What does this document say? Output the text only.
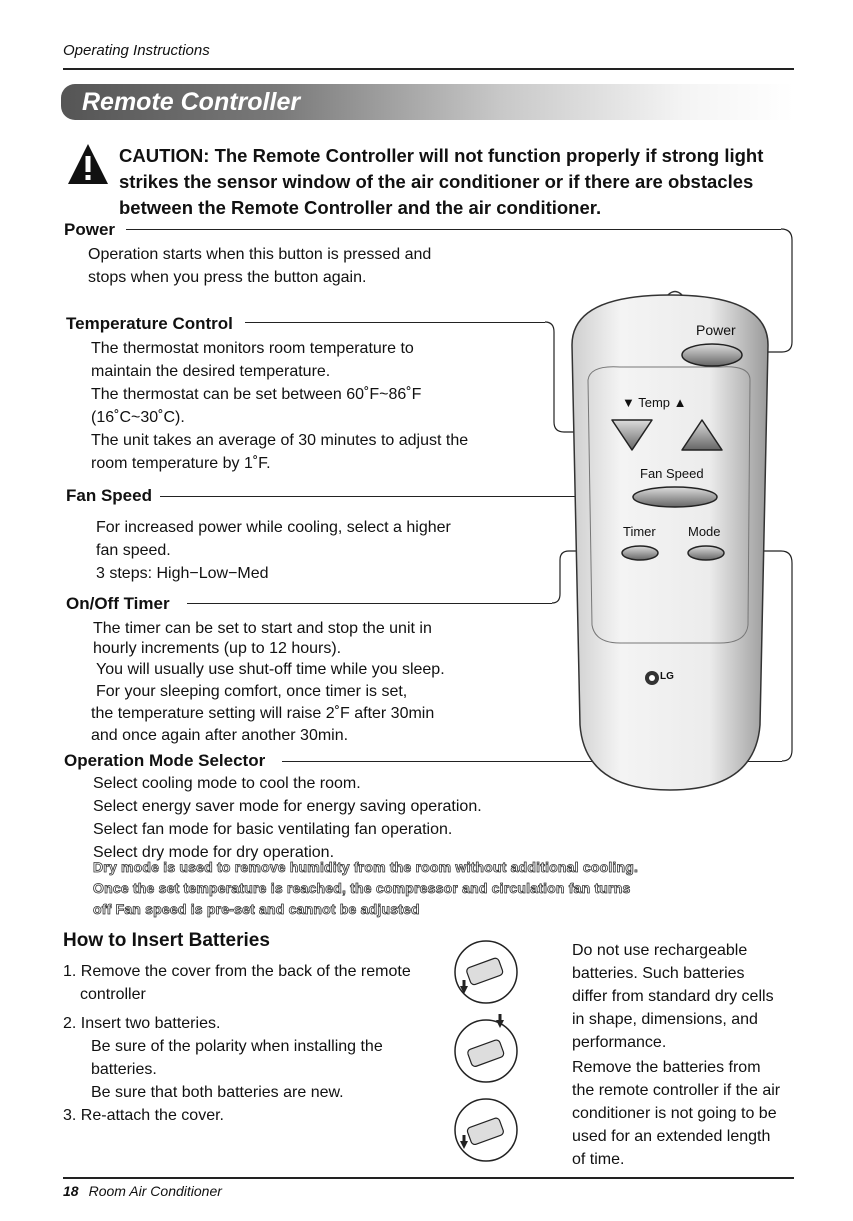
Operating Instructions
Remote Controller
CAUTION: The Remote Controller will not function properly if strong light strikes the sensor window of the air conditioner or if there are obstacles between the Remote Controller and the air conditioner.
Power
Operation starts when this button is pressed and
stops when you press the button again.
Temperature Control
The thermostat monitors room temperature to
maintain the desired temperature.
The thermostat can be set between 60˚F~86˚F
(16˚C~30˚C).
The unit takes an average of 30 minutes to adjust the
room temperature by 1˚F.
Fan Speed
For increased power while cooling, select a higher
fan speed.
3 steps: High−Low−Med
On/Off Timer
The timer can be set to start and stop the unit in
hourly increments (up to 12 hours).
You will usually use shut-off time while you sleep.
For your sleeping comfort, once timer is set,
the temperature setting will raise 2˚F after 30min
and once again after another 30min.
Operation Mode Selector
Select cooling mode to cool the room.
Select energy saver mode for energy saving operation.
Select fan mode for basic ventilating fan operation.
Select dry mode for dry operation.
Dry mode is used to remove humidity from the room without additional cooling.
Once the set temperature is reached, the compressor and circulation fan turns
off Fan speed is pre-set and cannot be adjusted
Power
▼ Temp ▲
Fan Speed
Timer Mode
LG
How to Insert Batteries
1. Remove the cover from the back of the remote
controller
2. Insert two batteries.
Be sure of the polarity when installing the
batteries.
Be sure that both batteries are new.
3. Re-attach the cover.
Do not use rechargeable
batteries. Such batteries
differ from standard dry cells
in shape, dimensions, and
performance.
Remove the batteries from
the remote controller if the air
conditioner is not going to be
used for an extended length
of time.
18 Room Air Conditioner
